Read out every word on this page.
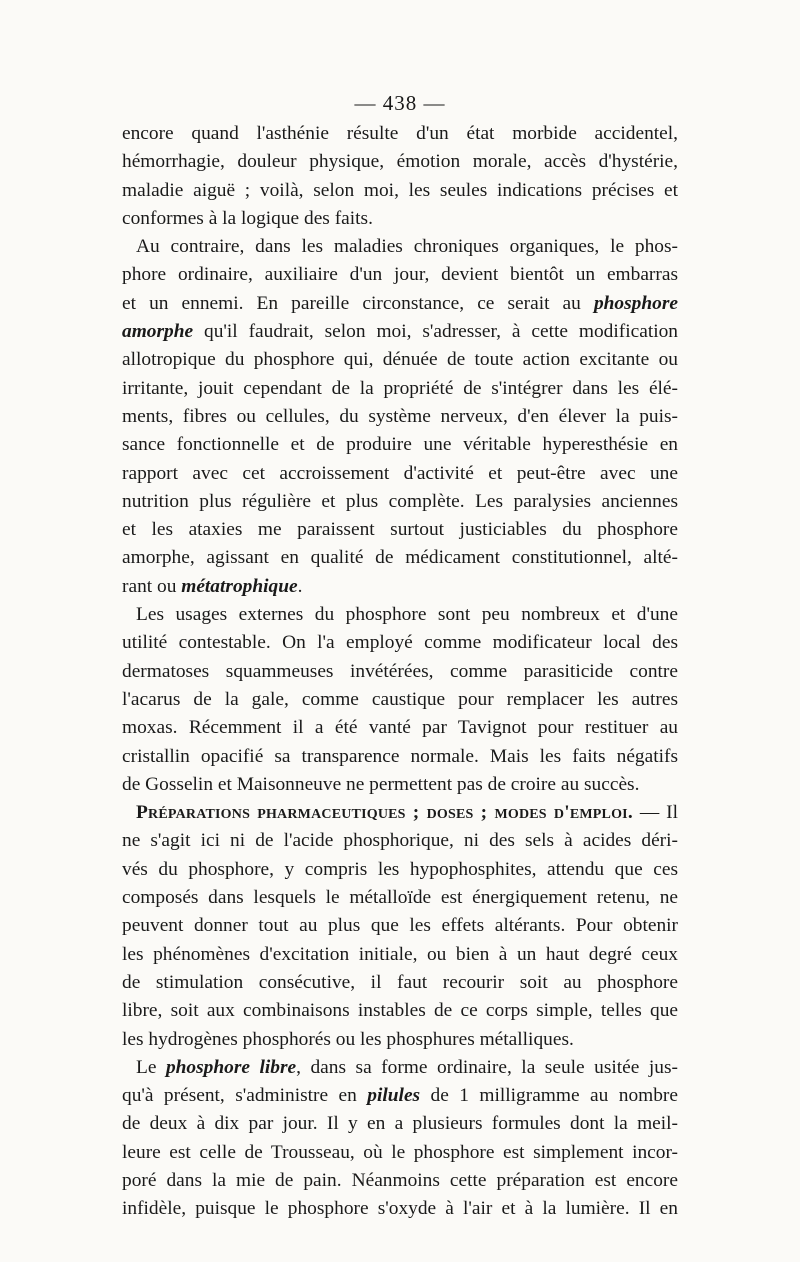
— 438 —
encore quand l'asthénie résulte d'un état morbide accidentel,
hémorrhagie, douleur physique, émotion morale, accès d'hystérie,
maladie aiguë ; voilà, selon moi, les seules indications précises et
conformes à la logique des faits.
Au contraire, dans les maladies chroniques organiques, le phos-
phore ordinaire, auxiliaire d'un jour, devient bientôt un embarras
et un ennemi. En pareille circonstance, ce serait au phosphore
amorphe qu'il faudrait, selon moi, s'adresser, à cette modification
allotropique du phosphore qui, dénuée de toute action excitante ou
irritante, jouit cependant de la propriété de s'intégrer dans les élé-
ments, fibres ou cellules, du système nerveux, d'en élever la puis-
sance fonctionnelle et de produire une véritable hyperesthésie en
rapport avec cet accroissement d'activité et peut-être avec une
nutrition plus régulière et plus complète. Les paralysies anciennes
et les ataxies me paraissent surtout justiciables du phosphore
amorphe, agissant en qualité de médicament constitutionnel, alté-
rant ou métatrophique.
Les usages externes du phosphore sont peu nombreux et d'une
utilité contestable. On l'a employé comme modificateur local des
dermatoses squammeuses invétérées, comme parasiticide contre
l'acarus de la gale, comme caustique pour remplacer les autres
moxas. Récemment il a été vanté par Tavignot pour restituer au
cristallin opacifié sa transparence normale. Mais les faits négatifs
de Gosselin et Maisonneuve ne permettent pas de croire au succès.
Préparations pharmaceutiques ; doses ; modes d'emploi. — Il
ne s'agit ici ni de l'acide phosphorique, ni des sels à acides déri-
vés du phosphore, y compris les hypophosphites, attendu que ces
composés dans lesquels le métalloïde est énergiquement retenu, ne
peuvent donner tout au plus que les effets altérants. Pour obtenir
les phénomènes d'excitation initiale, ou bien à un haut degré ceux
de stimulation consécutive, il faut recourir soit au phosphore
libre, soit aux combinaisons instables de ce corps simple, telles que
les hydrogènes phosphorés ou les phosphures métalliques.
Le phosphore libre, dans sa forme ordinaire, la seule usitée jus-
qu'à présent, s'administre en pilules de 1 milligramme au nombre
de deux à dix par jour. Il y en a plusieurs formules dont la meil-
leure est celle de Trousseau, où le phosphore est simplement incor-
poré dans la mie de pain. Néanmoins cette préparation est encore
infidèle, puisque le phosphore s'oxyde à l'air et à la lumière. Il en
